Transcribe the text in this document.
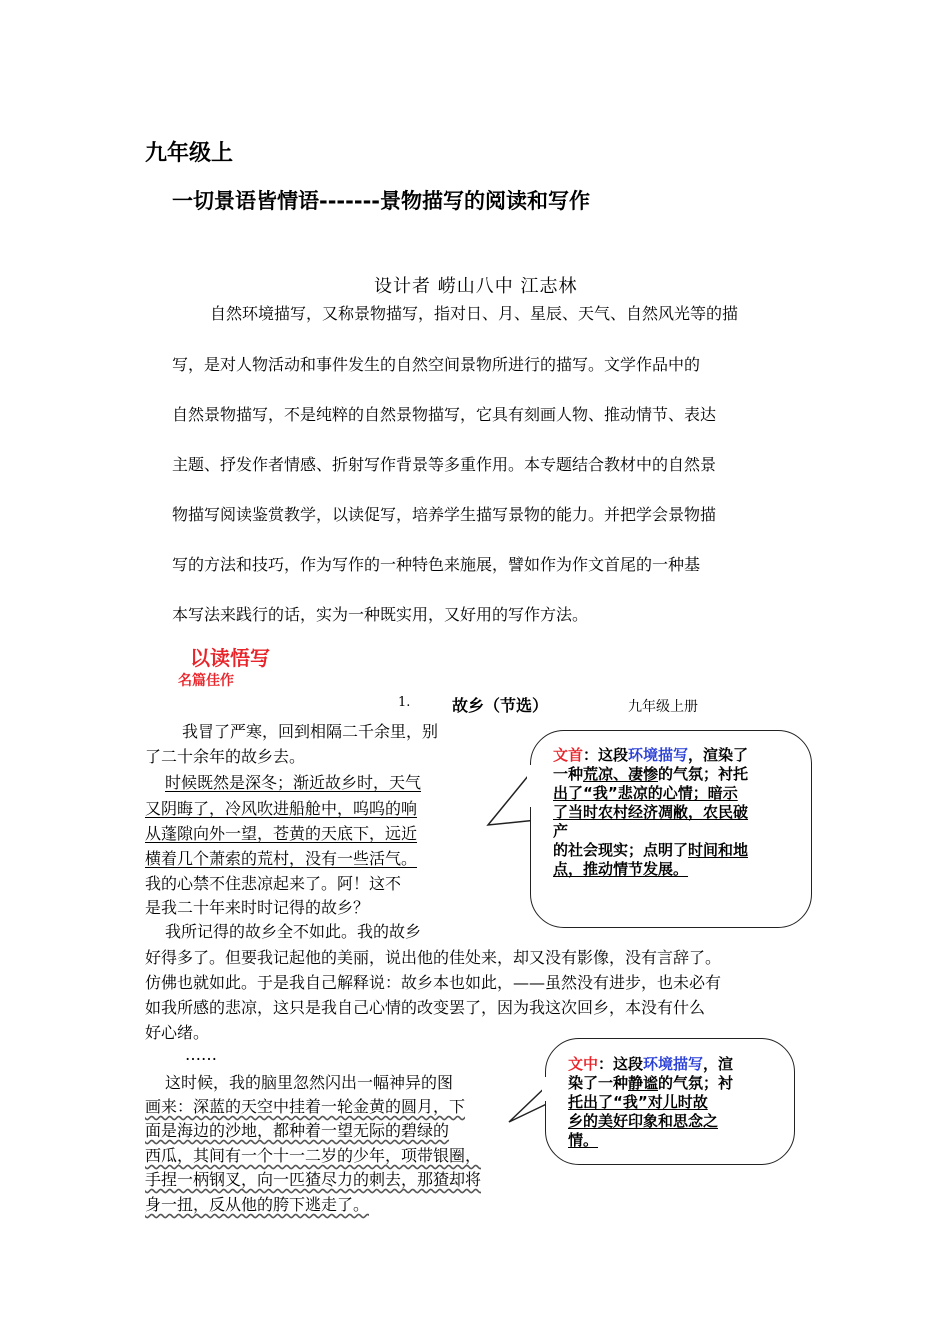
九年级上
一切景语皆情语-------景物描写的阅读和写作
设计者 崂山八中 江志林
自然环境描写，又称景物描写，指对日、月、星辰、天气、自然风光等的描
写，是对人物活动和事件发生的自然空间景物所进行的描写。文学作品中的
自然景物描写，不是纯粹的自然景物描写，它具有刻画人物、推动情节、表达
主题、抒发作者情感、折射写作背景等多重作用。本专题结合教材中的自然景
物描写阅读鉴赏教学，以读促写，培养学生描写景物的能力。并把学会景物描
写的方法和技巧，作为写作的一种特色来施展，譬如作为作文首尾的一种基
本写法来践行的话，实为一种既实用，又好用的写作方法。
以读悟写
名篇佳作
1.	故乡（节选）	九年级上册
我冒了严寒，回到相隔二千余里，别
了二十余年的故乡去。
时候既然是深冬；渐近故乡时，天气
又阴晦了，冷风吹进船舱中，呜呜的响
从蓬隙向外一望，苍黄的天底下，远近
横着几个萧索的荒村，没有一些活气。
我的心禁不住悲凉起来了。阿！这不
是我二十年来时时记得的故乡？
我所记得的故乡全不如此。我的故乡
好得多了。但要我记起他的美丽，说出他的佳处来，却又没有影像，没有言辞了。
仿佛也就如此。于是我自己解释说：故乡本也如此，——虽然没有进步，也未必有
如我所感的悲凉，这只是我自己心情的改变罢了，因为我这次回乡，本没有什么
好心绪。
……
这时候，我的脑里忽然闪出一幅神异的图
画来：深蓝的天空中挂着一轮金黄的圆月，下
面是海边的沙地，都种着一望无际的碧绿的
西瓜，其间有一个十一二岁的少年，项带银圈，
手捏一柄钢叉，向一匹猹尽力的刺去，那猹却将
身一扭，反从他的胯下逃走了。
文首：这段环境描写，渲染了
一种荒凉、凄惨的气氛；衬托
出了“我”悲凉的心情；暗示
了当时农村经济凋敝，农民破
产
的社会现实；点明了时间和地
点，推动情节发展。
文中：这段环境描写，渲
染了一种静谧的气氛；衬
托出了“我”对儿时故
乡的美好印象和思念之
情。
